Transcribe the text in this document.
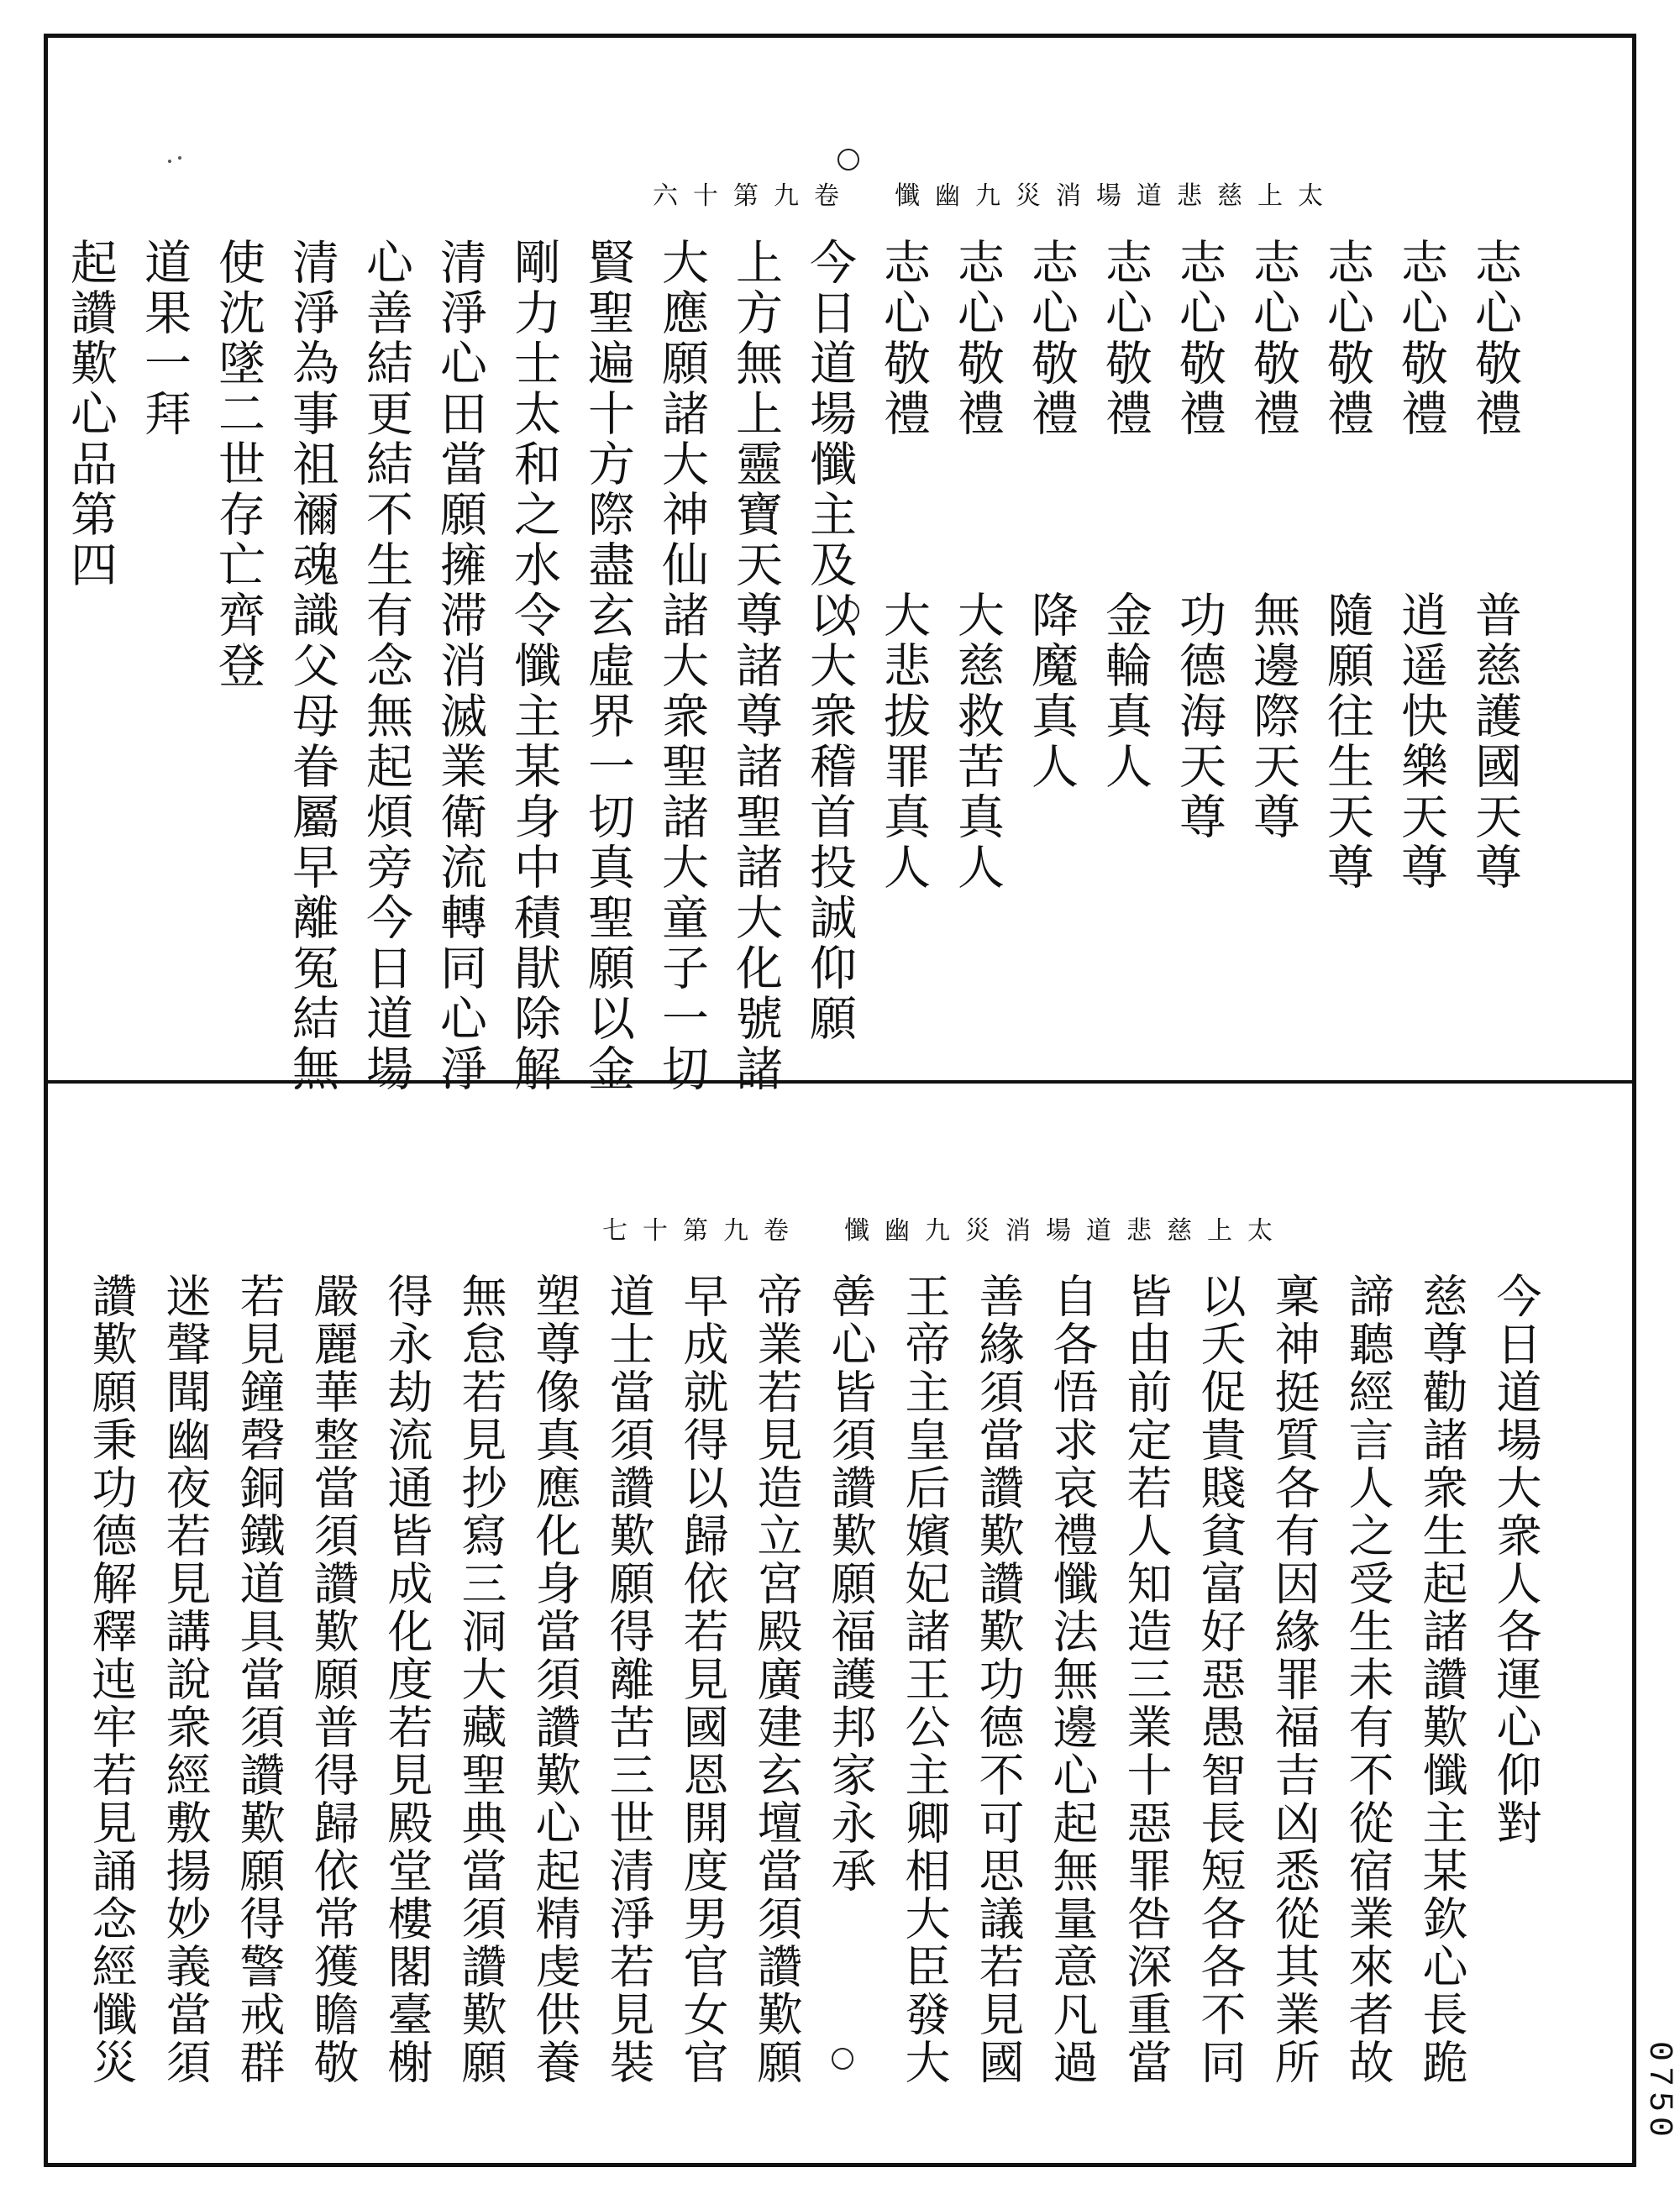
太上慈悲道場消災九幽懺　卷九第十六
志心敬禮　　　普慈護國天尊
志心敬禮　　　逍遥快樂天尊
志心敬禮　　　隨願往生天尊
志心敬禮　　　無邊際天尊
志心敬禮　　　功德海天尊
志心敬禮　　　金輪真人
志心敬禮　　　降魔真人
志心敬禮　　　大慈救苦真人
志心敬禮　　　大悲拔罪真人
今日道場懺主及以大衆稽首投誠仰願
上方無上靈寶天尊諸尊諸聖諸大化號諸
大應願諸大神仙諸大衆聖諸大童子一切
賢聖遍十方際盡玄虛界一切真聖願以金
剛力士太和之水令懺主某身中積猒除解
清淨心田當願擁滞消滅業衛流轉同心淨
心善結更結不生有念無起煩旁今日道場
清淨為事祖禰魂識父母眷屬早離冤結無
使沈墜二世存亡齊登
道果一拜
起讚歎心品第四
太上慈悲道場消災九幽懺　卷九第十七
今日道場大衆人各運心仰對
慈尊勸諸衆生起諸讚歎懺主某欽心長跪
諦聽經言人之受生未有不從宿業來者故
稟神挺質各有因緣罪福吉凶悉從其業所
以夭促貴賤貧富好惡愚智長短各各不同
皆由前定若人知造三業十惡罪咎深重當
自各悟求哀禮懺法無邊心起無量意凡過
善緣須當讚歎讚歎功德不可思議若見國
王帝主皇后嬪妃諸王公主卿相大臣發大
善心皆須讚歎願福護邦家永承
帝業若見造立宮殿廣建玄壇當須讚歎願
早成就得以歸依若見國恩開度男官女官
道士當須讚歎願得離苦三世清淨若見裝
塑尊像真應化身當須讚歎心起精虔供養
無怠若見抄寫三洞大藏聖典當須讚歎願
得永劫流通皆成化度若見殿堂樓閣臺榭
嚴麗華整當須讚歎願普得歸依常獲瞻敬
若見鐘磬銅鐵道具當須讚歎願得警戒群
迷聲聞幽夜若見講說衆經敷揚妙義當須
讚歎願秉功德解釋迍牢若見誦念經懺災
0750
